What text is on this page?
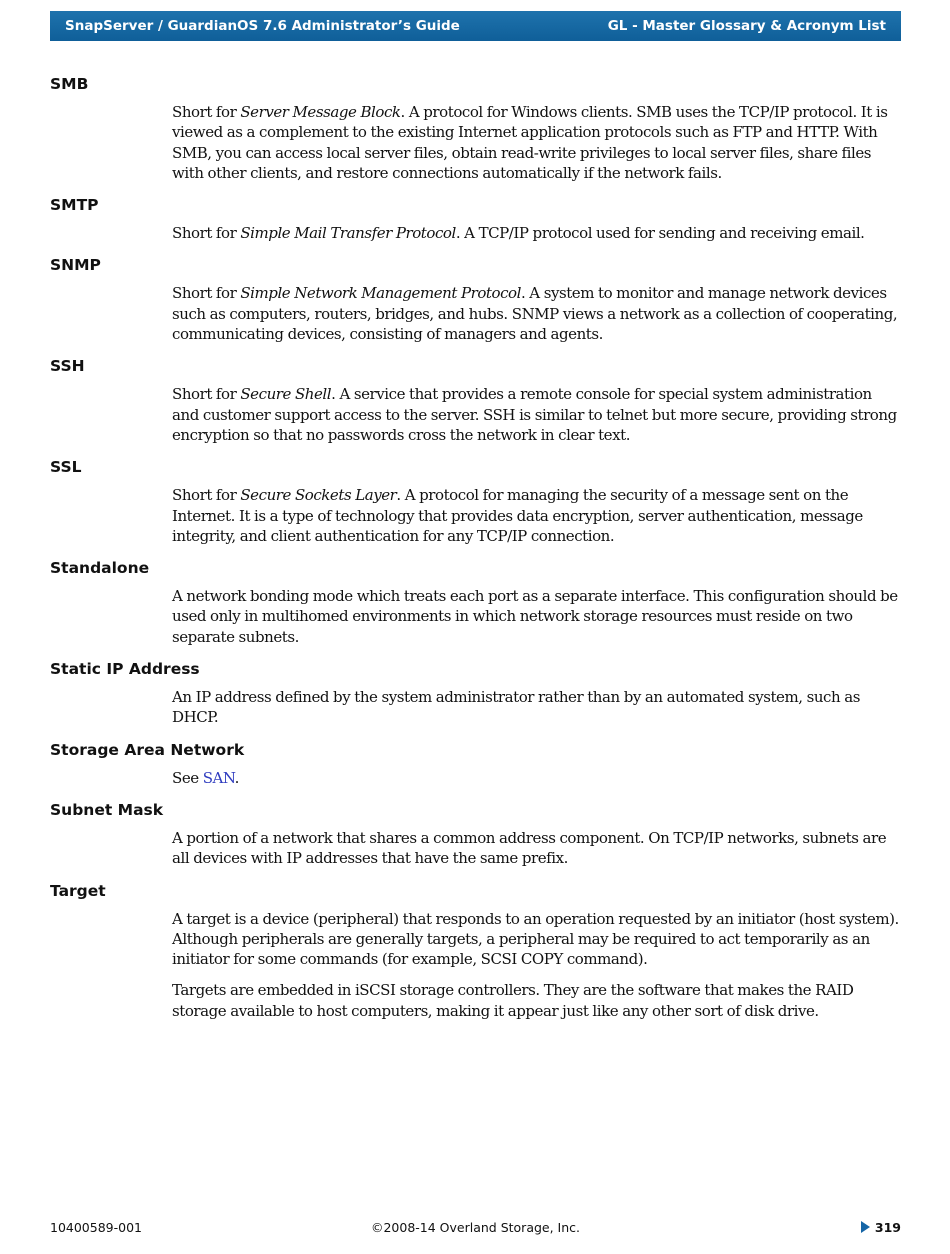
SnapServer / GuardianOS 7.6 Administrator’s Guide	GL - Master Glossary & Acronym List
SMB

Short for Server Message Block. A protocol for Windows clients. SMB uses the TCP/IP protocol. It is viewed as a complement to the existing Internet application protocols such as FTP and HTTP. With SMB, you can access local server files, obtain read-write privileges to local server files, share files with other clients, and restore connections automatically if the network fails.

SMTP

Short for Simple Mail Transfer Protocol. A TCP/IP protocol used for sending and receiving email.

SNMP

Short for Simple Network Management Protocol. A system to monitor and manage network devices such as computers, routers, bridges, and hubs. SNMP views a network as a collection of cooperating, communicating devices, consisting of managers and agents.

SSH

Short for Secure Shell. A service that provides a remote console for special system administration and customer support access to the server. SSH is similar to telnet but more secure, providing strong encryption so that no passwords cross the network in clear text.

SSL

Short for Secure Sockets Layer. A protocol for managing the security of a message sent on the Internet. It is a type of technology that provides data encryption, server authentication, message integrity, and client authentication for any TCP/IP connection.

Standalone

A network bonding mode which treats each port as a separate interface. This configuration should be used only in multihomed environments in which network storage resources must reside on two separate subnets.

Static IP Address

An IP address defined by the system administrator rather than by an automated system, such as DHCP.

Storage Area Network

See SAN.

Subnet Mask

A portion of a network that shares a common address component. On TCP/IP networks, subnets are all devices with IP addresses that have the same prefix.

Target

A target is a device (peripheral) that responds to an operation requested by an initiator (host system). Although peripherals are generally targets, a peripheral may be required to act temporarily as an initiator for some commands (for example, SCSI COPY command).

Targets are embedded in iSCSI storage controllers. They are the software that makes the RAID storage available to host computers, making it appear just like any other sort of disk drive.

10400589-001	©2008-14 Overland Storage, Inc.	319
